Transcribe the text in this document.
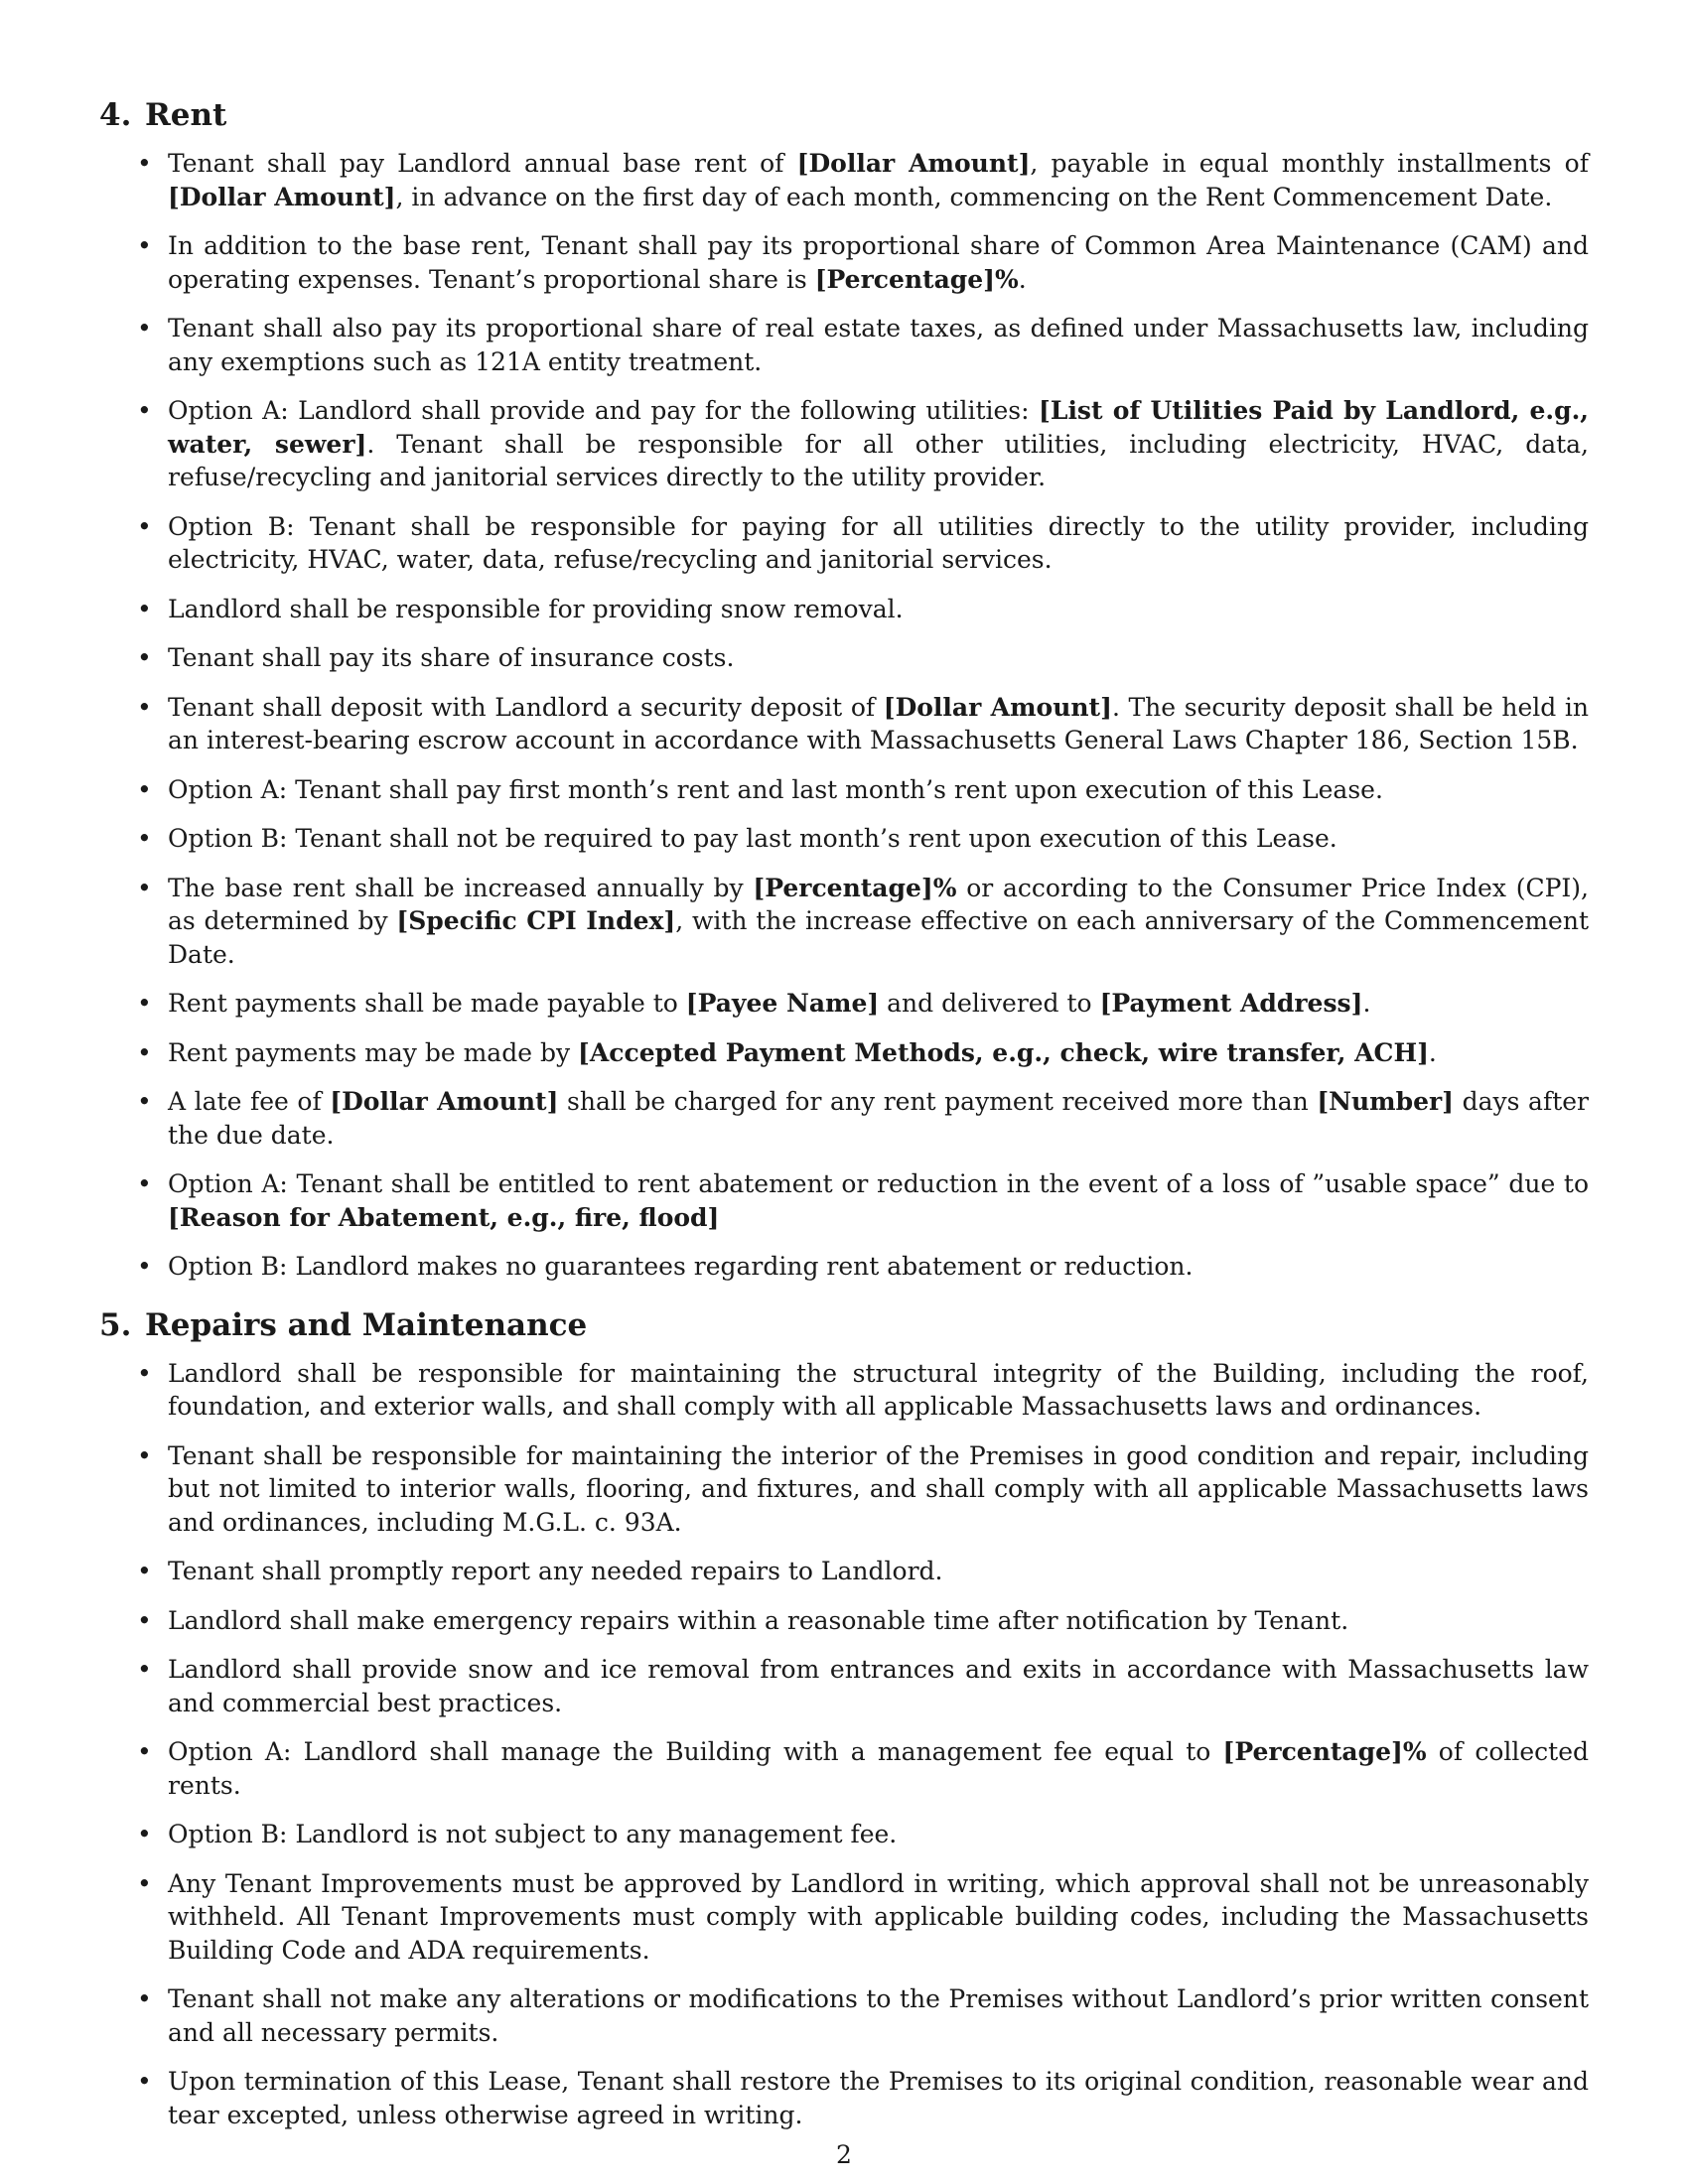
4. Rent
• Tenant shall pay Landlord annual base rent of [Dollar Amount], payable in equal monthly installments of [Dollar Amount], in advance on the first day of each month, commencing on the Rent Commencement Date.
• In addition to the base rent, Tenant shall pay its proportional share of Common Area Maintenance (CAM) and operating expenses. Tenant’s proportional share is [Percentage]%.
• Tenant shall also pay its proportional share of real estate taxes, as defined under Massachusetts law, including any exemptions such as 121A entity treatment.
• Option A: Landlord shall provide and pay for the following utilities: [List of Utilities Paid by Landlord, e.g., water, sewer]. Tenant shall be responsible for all other utilities, including electricity, HVAC, data, refuse/recycling and janitorial services directly to the utility provider.
• Option B: Tenant shall be responsible for paying for all utilities directly to the utility provider, including electricity, HVAC, water, data, refuse/recycling and janitorial services.
• Landlord shall be responsible for providing snow removal.
• Tenant shall pay its share of insurance costs.
• Tenant shall deposit with Landlord a security deposit of [Dollar Amount]. The security deposit shall be held in an interest-bearing escrow account in accordance with Massachusetts General Laws Chapter 186, Section 15B.
• Option A: Tenant shall pay first month’s rent and last month’s rent upon execution of this Lease.
• Option B: Tenant shall not be required to pay last month’s rent upon execution of this Lease.
• The base rent shall be increased annually by [Percentage]% or according to the Consumer Price Index (CPI), as determined by [Specific CPI Index], with the increase effective on each anniversary of the Commencement Date.
• Rent payments shall be made payable to [Payee Name] and delivered to [Payment Address].
• Rent payments may be made by [Accepted Payment Methods, e.g., check, wire transfer, ACH].
• A late fee of [Dollar Amount] shall be charged for any rent payment received more than [Number] days after the due date.
• Option A: Tenant shall be entitled to rent abatement or reduction in the event of a loss of ”usable space” due to [Reason for Abatement, e.g., fire, flood]
• Option B: Landlord makes no guarantees regarding rent abatement or reduction.
5. Repairs and Maintenance
• Landlord shall be responsible for maintaining the structural integrity of the Building, including the roof, foundation, and exterior walls, and shall comply with all applicable Massachusetts laws and ordinances.
• Tenant shall be responsible for maintaining the interior of the Premises in good condition and repair, including but not limited to interior walls, flooring, and fixtures, and shall comply with all applicable Massachusetts laws and ordinances, including M.G.L. c. 93A.
• Tenant shall promptly report any needed repairs to Landlord.
• Landlord shall make emergency repairs within a reasonable time after notification by Tenant.
• Landlord shall provide snow and ice removal from entrances and exits in accordance with Massachusetts law and commercial best practices.
• Option A: Landlord shall manage the Building with a management fee equal to [Percentage]% of collected rents.
• Option B: Landlord is not subject to any management fee.
• Any Tenant Improvements must be approved by Landlord in writing, which approval shall not be unreasonably withheld. All Tenant Improvements must comply with applicable building codes, including the Massachusetts Building Code and ADA requirements.
• Tenant shall not make any alterations or modifications to the Premises without Landlord’s prior written consent and all necessary permits.
• Upon termination of this Lease, Tenant shall restore the Premises to its original condition, reasonable wear and tear excepted, unless otherwise agreed in writing.
2
